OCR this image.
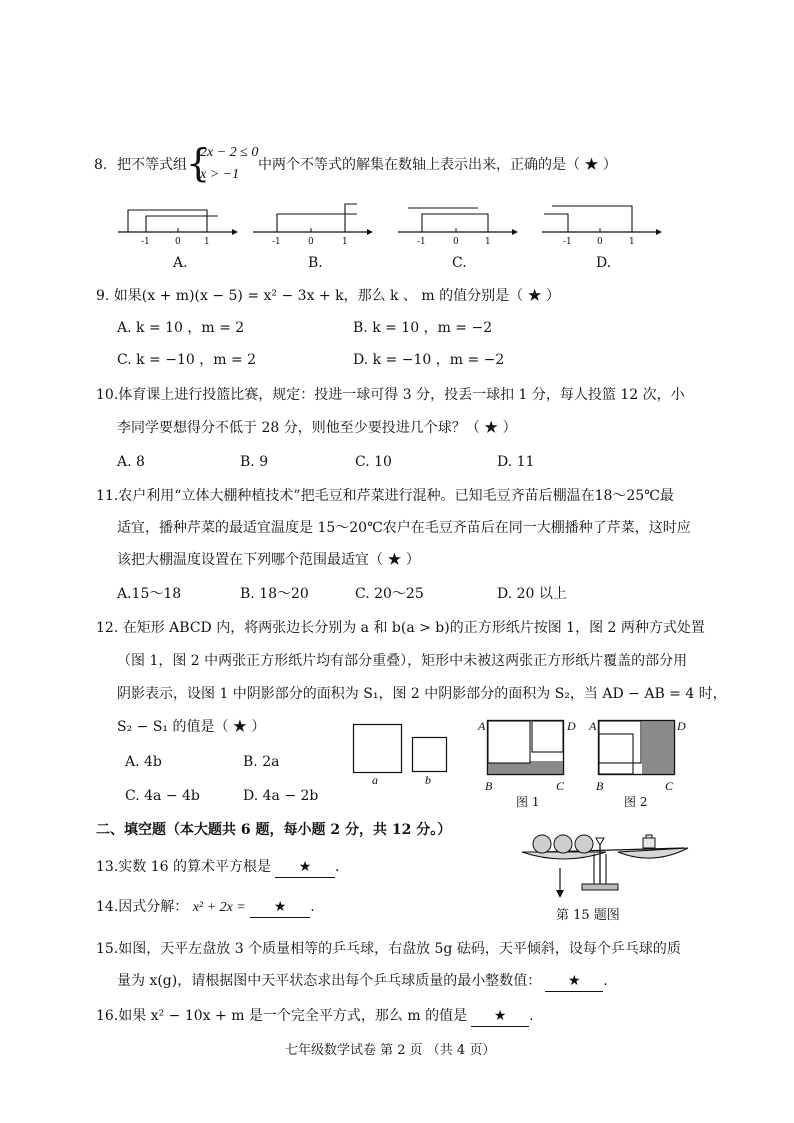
8. 把不等式组 {
2x − 2 ≤ 0
x > −1
中两个不等式的解集在数轴上表示出来，正确的是（ ★ ）
-1	0	1
A.
-1	0	1
B.
-1	0	1
C.
-1	0	1
D.
9. 如果(x + m)(x − 5) = x² − 3x + k，那么 k 、 m 的值分别是（ ★ ）
A. k = 10 ，m = 2	B. k = 10 ，m = −2
C. k = −10 ，m = 2	D. k = −10 ，m = −2
10.体育课上进行投篮比赛，规定：投进一球可得 3 分，投丢一球扣 1 分，每人投篮 12 次，小
李同学要想得分不低于 28 分，则他至少要投进几个球？（ ★ ）
A. 8	B. 9	C. 10	D. 11
11.农户利用“立体大棚种植技术”把毛豆和芹菜进行混种。已知毛豆齐苗后棚温在18～25℃最
适宜，播种芹菜的最适宜温度是 15～20℃农户在毛豆齐苗后在同一大棚播种了芹菜，这时应
该把大棚温度设置在下列哪个范围最适宜（ ★ ）
A.15～18	B. 18～20	C. 20～25	D. 20 以上
12. 在矩形 ABCD 内，将两张边长分别为 a 和 b(a > b)的正方形纸片按图 1，图 2 两种方式处置
（图 1，图 2 中两张正方形纸片均有部分重叠），矩形中未被这两张正方形纸片覆盖的部分用
阴影表示，设图 1 中阴影部分的面积为 S₁，图 2 中阴影部分的面积为 S₂，当 AD − AB = 4 时，
S₂ − S₁ 的值是（ ★ ）
A. 4b	B. 2a
C. 4a − 4b	D. 4a − 2b
a	b
A	D
B	C
图 1
A	D
B	C
图 2
二、填空题（本大题共 6 题，每小题 2 分，共 12 分。）
13.实数 16 的算术平方根是 ★ .
14.因式分解： x² + 2x = ★ .
第 15 题图
15.如图，天平左盘放 3 个质量相等的乒乓球，右盘放 5g 砝码，天平倾斜，设每个乒乓球的质
量为 x(g)，请根据图中天平状态求出每个乒乓球质量的最小整数值： ★ .
16.如果 x² − 10x + m 是一个完全平方式，那么 m 的值是 ★ .
七年级数学试卷 第 2 页 （共 4 页）
